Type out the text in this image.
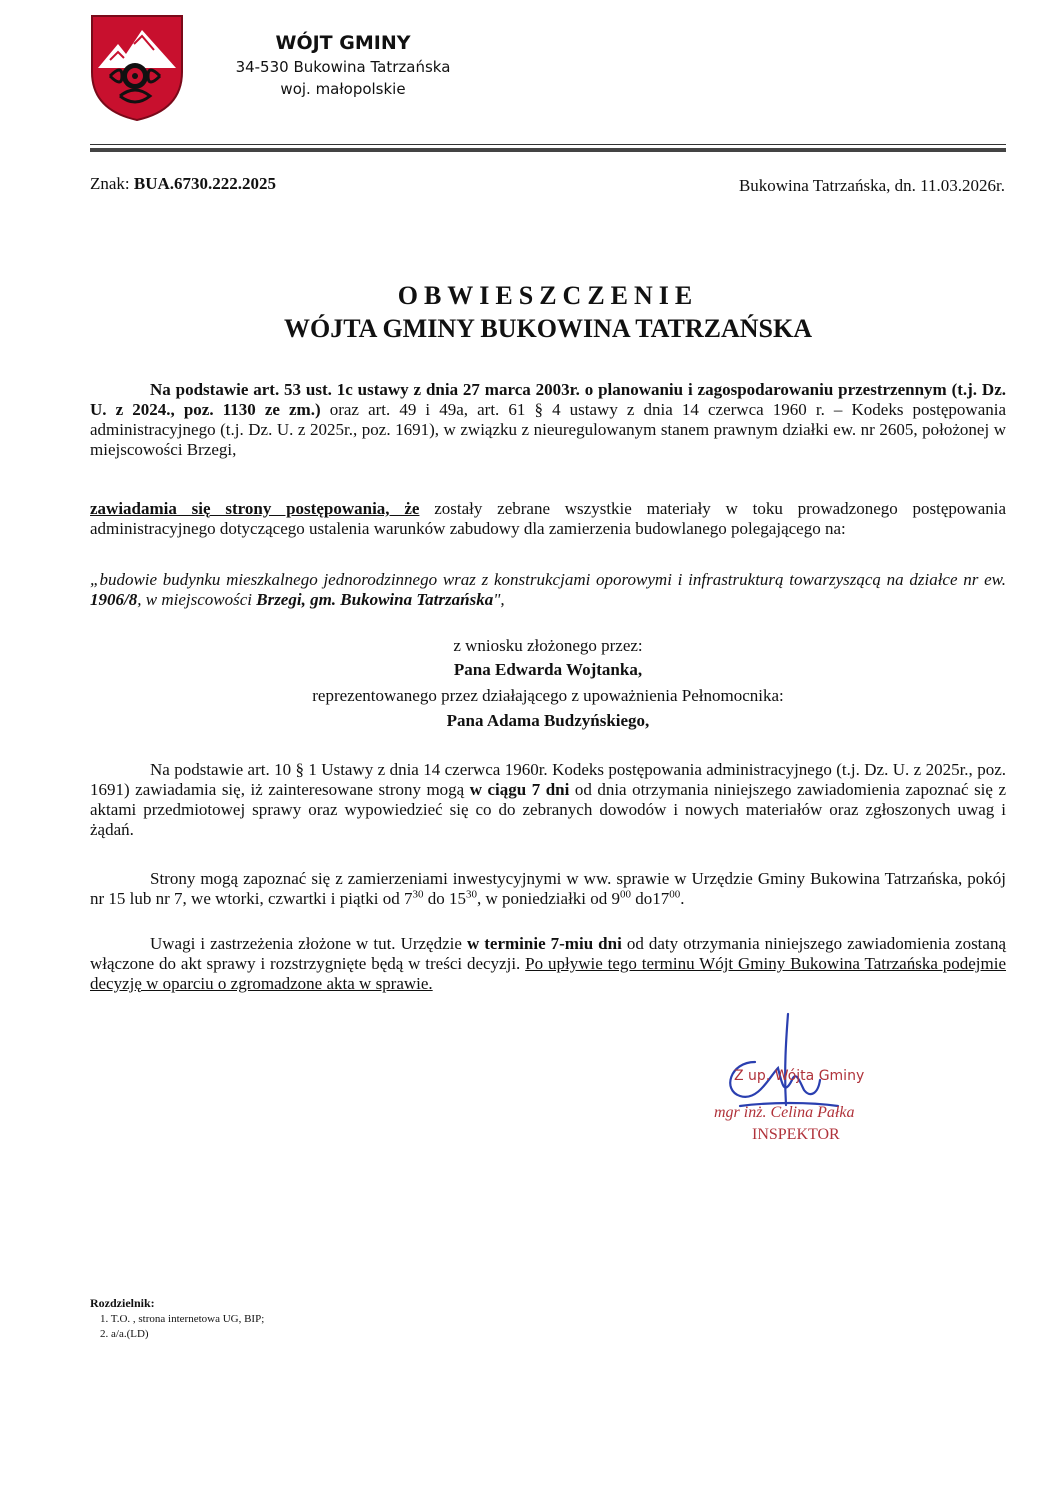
WÓJT GMINY
34-530 Bukowina Tatrzańska
woj. małopolskie
Znak: BUA.6730.222.2025	Bukowina Tatrzańska, dn. 11.03.2026r.
OBWIESZCZENIE
WÓJTA GMINY BUKOWINA TATRZAŃSKA
Na podstawie art. 53 ust. 1c ustawy z dnia 27 marca 2003r. o planowaniu i zagospodarowaniu przestrzennym (t.j. Dz. U. z 2024., poz. 1130 ze zm.) oraz art. 49 i 49a, art. 61 § 4 ustawy z dnia 14 czerwca 1960 r. – Kodeks postępowania administracyjnego (t.j. Dz. U. z 2025r., poz. 1691), w związku z nieuregulowanym stanem prawnym działki ew. nr 2605, położonej w miejscowości Brzegi,
zawiadamia się strony postępowania, że zostały zebrane wszystkie materiały w toku prowadzonego postępowania administracyjnego dotyczącego ustalenia warunków zabudowy dla zamierzenia budowlanego polegającego na:
„budowie budynku mieszkalnego jednorodzinnego wraz z konstrukcjami oporowymi i infrastrukturą towarzyszącą na działce nr ew. 1906/8, w miejscowości Brzegi, gm. Bukowina Tatrzańska",
z wniosku złożonego przez:
Pana Edwarda Wojtanka,
reprezentowanego przez działającego z upoważnienia Pełnomocnika:
Pana Adama Budzyńskiego,
Na podstawie art. 10 § 1 Ustawy z dnia 14 czerwca 1960r. Kodeks postępowania administracyjnego (t.j. Dz. U. z 2025r., poz. 1691) zawiadamia się, iż zainteresowane strony mogą w ciągu 7 dni od dnia otrzymania niniejszego zawiadomienia zapoznać się z aktami przedmiotowej sprawy oraz wypowiedzieć się co do zebranych dowodów i nowych materiałów oraz zgłoszonych uwag i żądań.
Strony mogą zapoznać się z zamierzeniami inwestycyjnymi w ww. sprawie w Urzędzie Gminy Bukowina Tatrzańska, pokój nr 15 lub nr 7, we wtorki, czwartki i piątki od $7^{30}$ do $15^{30}$, w poniedziałki od $9^{00}$ $do17^{00}$.
Uwagi i zastrzeżenia złożone w tut. Urzędzie w terminie 7-miu dni od daty otrzymania niniejszego zawiadomienia zostaną włączone do akt sprawy i rozstrzygnięte będą w treści decyzji. Po upływie tego terminu Wójt Gminy Bukowina Tatrzańska podejmie decyzję w oparciu o zgromadzone akta w sprawie.
Z up. Wójta Gminy
mgr inż. Celina Pałka
INSPEKTOR
Rozdzielnik:
1. T.O. , strona internetowa UG, BIP;
2. a/a.(LD)
